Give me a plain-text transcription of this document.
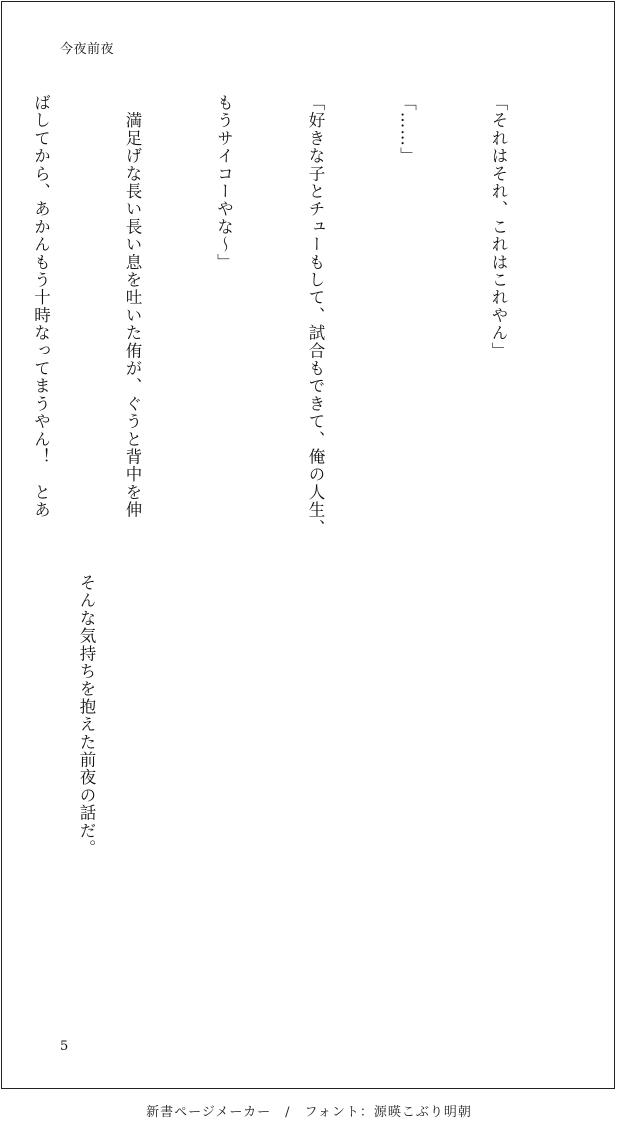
今夜前夜

「それはそれ、これはこれやん」

「……」

「好きな子とチューもして、試合もできて、俺の人生、

もうサイコーやな～」

　満足げな長い長い息を吐いた侑が、ぐうと背中を伸

ばしてから、あかんもう十時なってまうやん！　とあ

5

そんな気持ちを抱えた前夜の話だ。

新書ページメーカー　/　フォント：源暎こぶり明朝
